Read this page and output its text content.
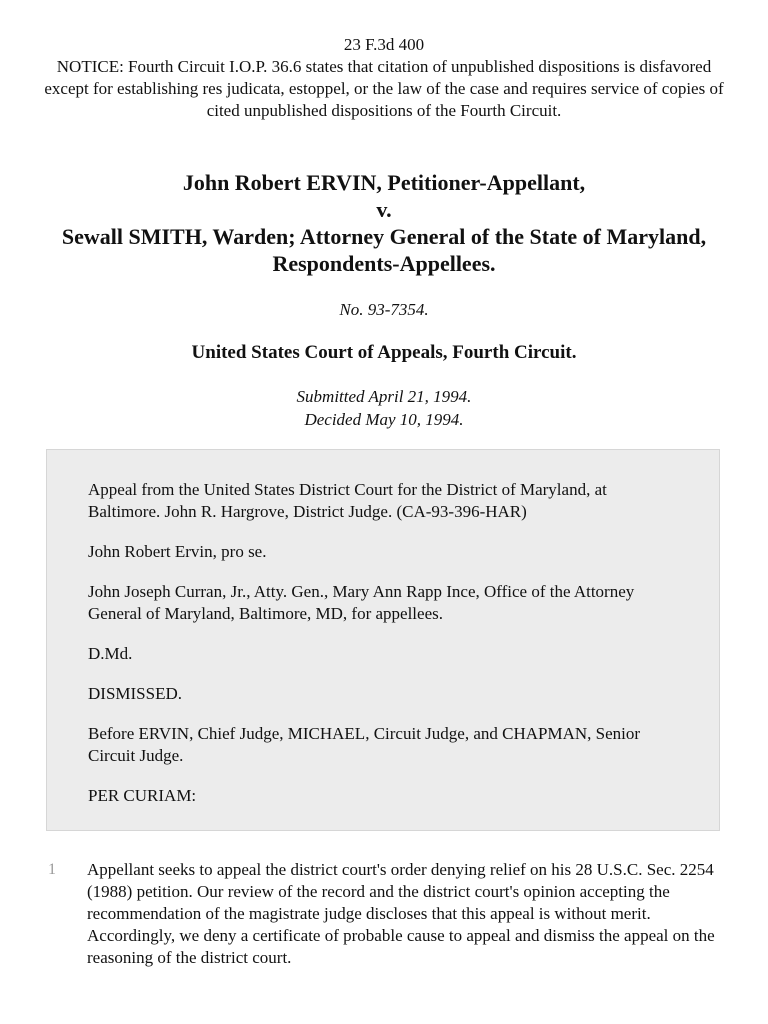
23 F.3d 400
NOTICE: Fourth Circuit I.O.P. 36.6 states that citation of unpublished dispositions is disfavored except for establishing res judicata, estoppel, or the law of the case and requires service of copies of cited unpublished dispositions of the Fourth Circuit.
John Robert ERVIN, Petitioner-Appellant,
v.
Sewall SMITH, Warden; Attorney General of the State of Maryland, Respondents-Appellees.
No. 93-7354.
United States Court of Appeals, Fourth Circuit.
Submitted April 21, 1994.
Decided May 10, 1994.

Appeal from the United States District Court for the District of Maryland, at Baltimore. John R. Hargrove, District Judge. (CA-93-396-HAR)

John Robert Ervin, pro se.

John Joseph Curran, Jr., Atty. Gen., Mary Ann Rapp Ince, Office of the Attorney General of Maryland, Baltimore, MD, for appellees.

D.Md.

DISMISSED.

Before ERVIN, Chief Judge, MICHAEL, Circuit Judge, and CHAPMAN, Senior Circuit Judge.

PER CURIAM:

1 Appellant seeks to appeal the district court's order denying relief on his 28 U.S.C. Sec. 2254 (1988) petition. Our review of the record and the district court's opinion accepting the recommendation of the magistrate judge discloses that this appeal is without merit. Accordingly, we deny a certificate of probable cause to appeal and dismiss the appeal on the reasoning of the district court.
